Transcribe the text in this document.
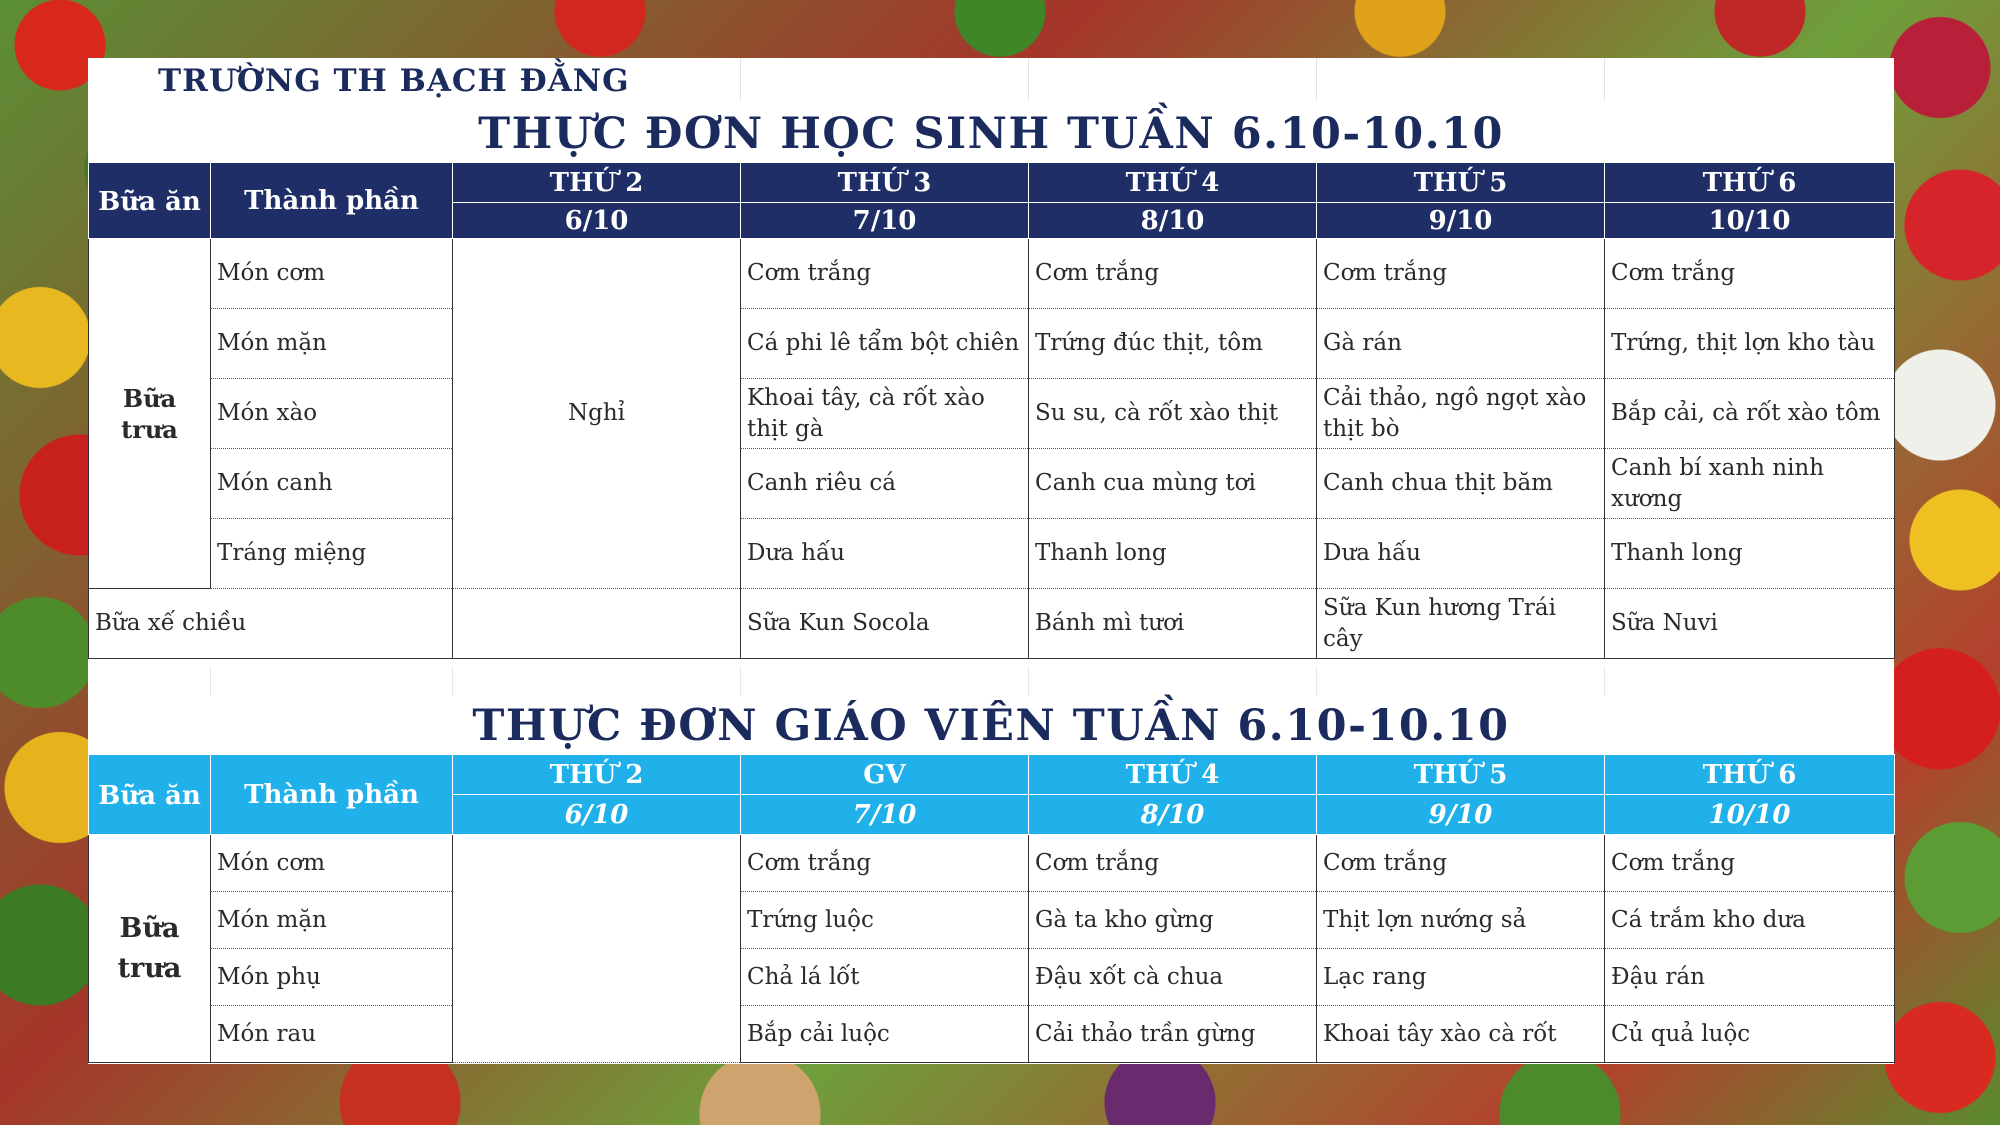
TRƯỜNG TH BẠCH ĐẰNG
THỰC ĐƠN HỌC SINH TUẦN 6.10-10.10
Bữa ăn	Thành phần	THỨ 2	THỨ 3	THỨ 4	THỨ 5	THỨ 6
		6/10	7/10	8/10	9/10	10/10
Bữa trưa	Món cơm	Nghỉ	Cơm trắng	Cơm trắng	Cơm trắng	Cơm trắng
	Món mặn		Cá phi lê tẩm bột chiên	Trứng đúc thịt, tôm	Gà rán	Trứng, thịt lợn kho tàu
	Món xào		Khoai tây, cà rốt xào thịt gà	Su su, cà rốt xào thịt	Cải thảo, ngô ngọt xào thịt bò	Bắp cải, cà rốt xào tôm
	Món canh		Canh riêu cá	Canh cua mùng tơi	Canh chua thịt băm	Canh bí xanh ninh xương
	Tráng miệng		Dưa hấu	Thanh long	Dưa hấu	Thanh long
Bữa xế chiều			Sữa Kun Socola	Bánh mì tươi	Sữa Kun hương Trái cây	Sữa Nuvi
THỰC ĐƠN GIÁO VIÊN TUẦN 6.10-10.10
Bữa ăn	Thành phần	THỨ 2	GV	THỨ 4	THỨ 5	THỨ 6
		6/10	7/10	8/10	9/10	10/10
Bữa trưa	Món cơm		Cơm trắng	Cơm trắng	Cơm trắng	Cơm trắng
	Món mặn		Trứng luộc	Gà ta kho gừng	Thịt lợn nướng sả	Cá trắm kho dưa
	Món phụ		Chả lá lốt	Đậu xốt cà chua	Lạc rang	Đậu rán
	Món rau		Bắp cải luộc	Cải thảo trần gừng	Khoai tây xào cà rốt	Củ quả luộc
